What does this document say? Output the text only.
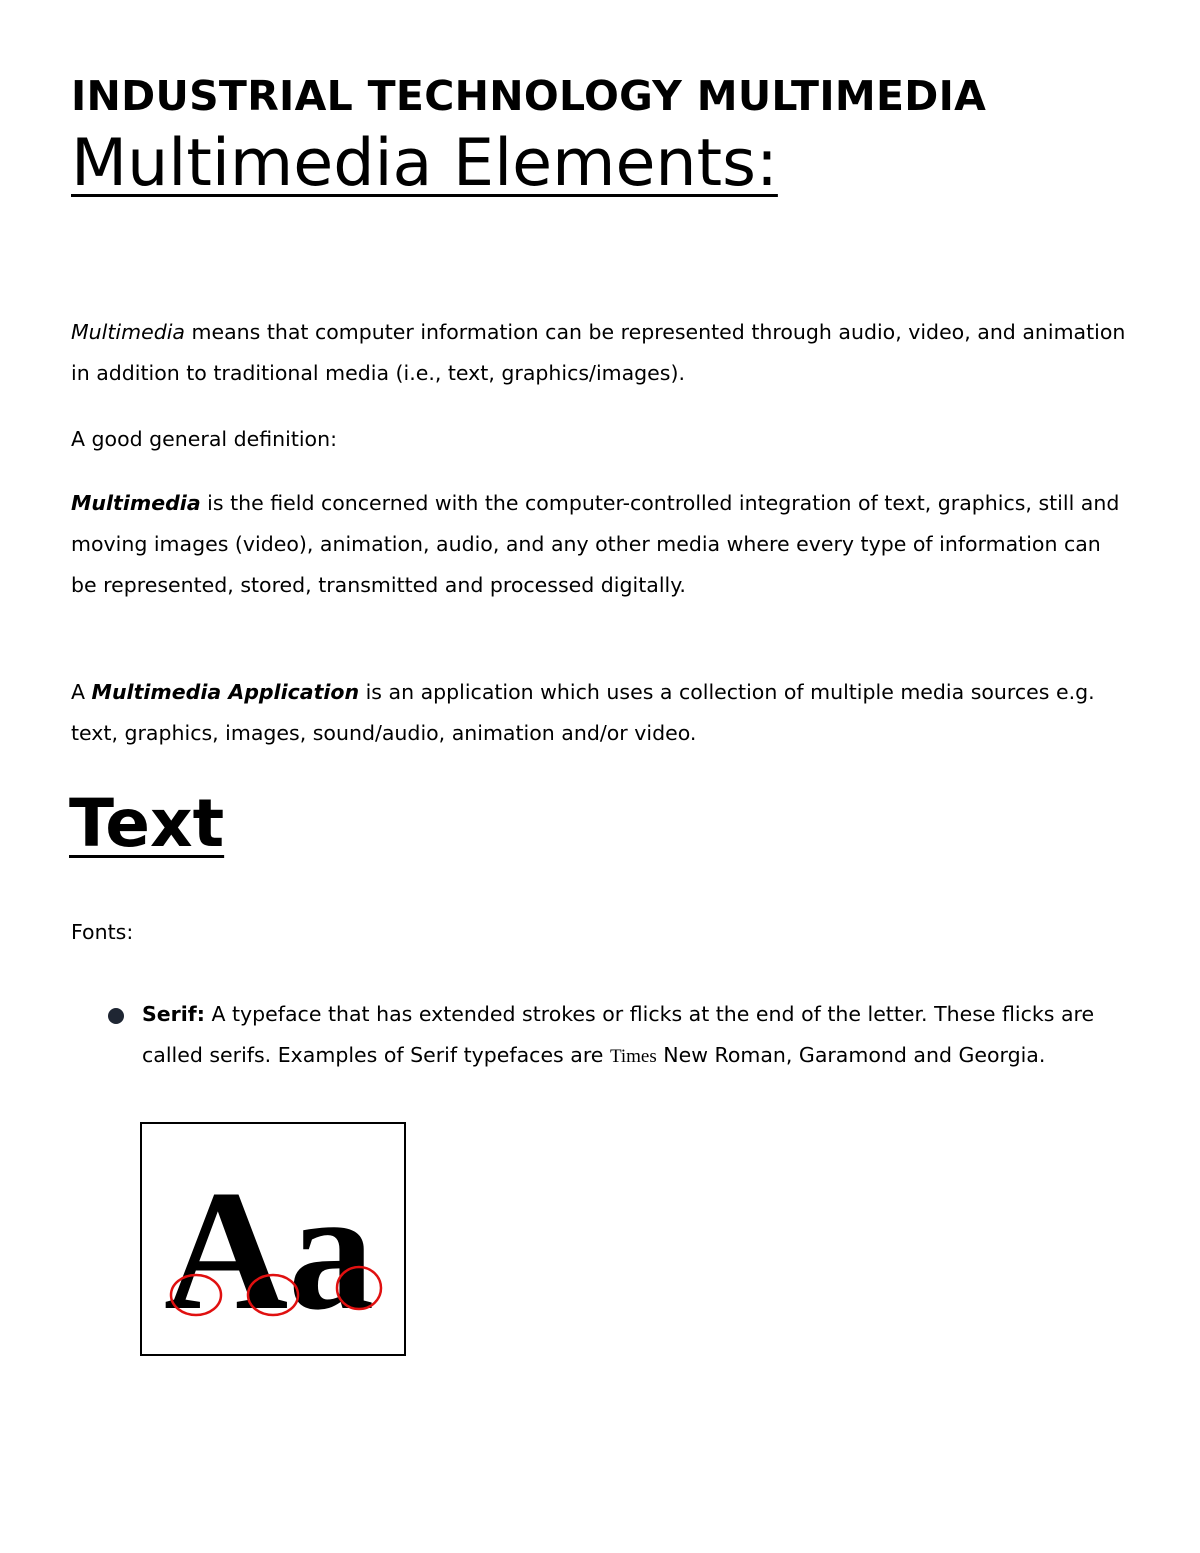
INDUSTRIAL TECHNOLOGY MULTIMEDIA
Multimedia Elements:

Multimedia means that computer information can be represented through audio, video, and animation in addition to traditional media (i.e., text, graphics/images).

A good general definition:

Multimedia is the field concerned with the computer-controlled integration of text, graphics, still and moving images (video), animation, audio, and any other media where every type of information can be represented, stored, transmitted and processed digitally.

A Multimedia Application is an application which uses a collection of multiple media sources e.g. text, graphics, images, sound/audio, animation and/or video.

Text

Fonts:

Serif: A typeface that has extended strokes or flicks at the end of the letter. These flicks are called serifs. Examples of Serif typefaces are Times New Roman, Garamond and Georgia.
Aa
